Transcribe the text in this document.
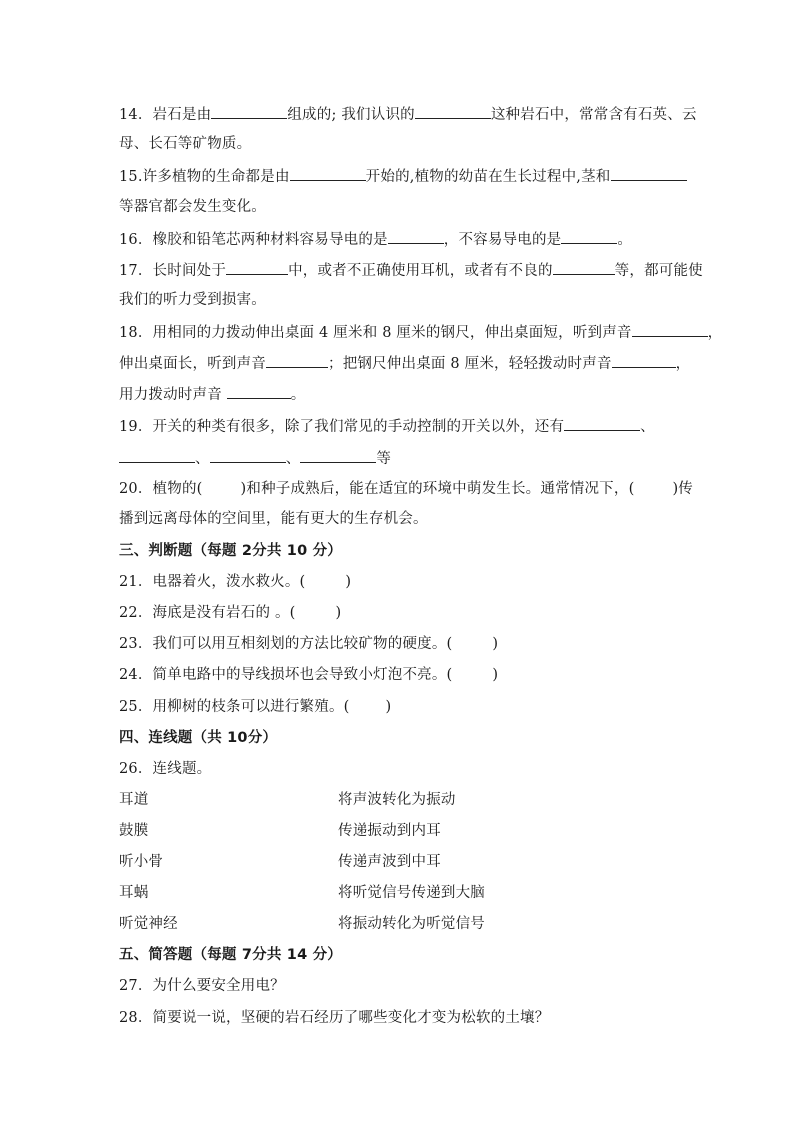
14．岩石是由	组成的; 我们认识的	这种岩石中，常常含有石英、云
母、长石等矿物质。
15.许多植物的生命都是由	开始的,植物的幼苗在生长过程中,茎和
等器官都会发生变化。
16．橡胶和铅笔芯两种材料容易导电的是	，不容易导电的是	。
17．长时间处于	中，或者不正确使用耳机，或者有不良的	等，都可能使
我们的听力受到损害。
18．用相同的力拨动伸出桌面 4 厘米和 8 厘米的钢尺，伸出桌面短，听到声音	，
伸出桌面长，听到声音	；把钢尺伸出桌面 8 厘米，轻轻拨动时声音	，
用力拨动时声音	。
19．开关的种类有很多，除了我们常见的手动控制的开关以外，还有	、
、	、	等
20．植物的(	)和种子成熟后，能在适宜的环境中萌发生长。通常情况下，(	)传
播到远离母体的空间里，能有更大的生存机会。
三、判断题（每题 2分共 10 分）
21．电器着火，泼水救火。(	)
22．海底是没有岩石的 。(	)
23．我们可以用互相刻划的方法比较矿物的硬度。(	)
24．简单电路中的导线损坏也会导致小灯泡不亮。(	)
25．用柳树的枝条可以进行繁殖。( )
四、连线题（共 10分）
26．连线题。
耳道	将声波转化为振动
鼓膜	传递振动到内耳
听小骨	传递声波到中耳
耳蜗	将听觉信号传递到大脑
听觉神经	将振动转化为听觉信号
五、简答题（每题 7分共 14 分）
27．为什么要安全用电？
28．简要说一说，坚硬的岩石经历了哪些变化才变为松软的土壤？
